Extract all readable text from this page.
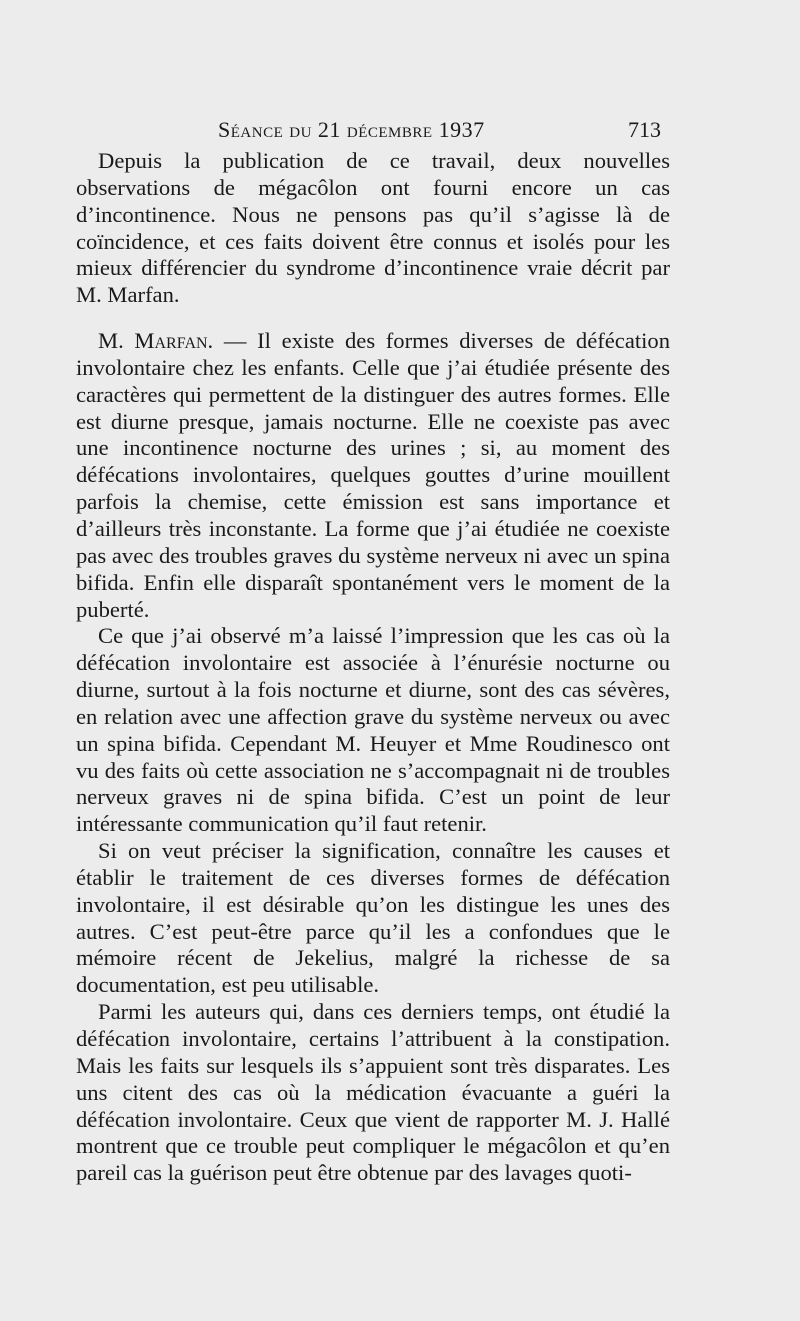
Séance du 21 décembre 1937	713

Depuis la publication de ce travail, deux nouvelles observations de mégacôlon ont fourni encore un cas d’incontinence. Nous ne pensons pas qu’il s’agisse là de coïncidence, et ces faits doivent être connus et isolés pour les mieux différencier du syndrome d’incontinence vraie décrit par M. Marfan.

M. Marfan. — Il existe des formes diverses de défécation involontaire chez les enfants. Celle que j’ai étudiée présente des caractères qui permettent de la distinguer des autres formes. Elle est diurne presque, jamais nocturne. Elle ne coexiste pas avec une incontinence nocturne des urines ; si, au moment des défécations involontaires, quelques gouttes d’urine mouillent parfois la chemise, cette émission est sans importance et d’ailleurs très inconstante. La forme que j’ai étudiée ne coexiste pas avec des troubles graves du système nerveux ni avec un spina bifida. Enfin elle disparaît spontanément vers le moment de la puberté.

Ce que j’ai observé m’a laissé l’impression que les cas où la défécation involontaire est associée à l’énurésie nocturne ou diurne, surtout à la fois nocturne et diurne, sont des cas sévères, en relation avec une affection grave du système nerveux ou avec un spina bifida. Cependant M. Heuyer et Mme Roudinesco ont vu des faits où cette association ne s’accompagnait ni de troubles nerveux graves ni de spina bifida. C’est un point de leur intéressante communication qu’il faut retenir.

Si on veut préciser la signification, connaître les causes et établir le traitement de ces diverses formes de défécation involontaire, il est désirable qu’on les distingue les unes des autres. C’est peut-être parce qu’il les a confondues que le mémoire récent de Jekelius, malgré la richesse de sa documentation, est peu utilisable.

Parmi les auteurs qui, dans ces derniers temps, ont étudié la défécation involontaire, certains l’attribuent à la constipation. Mais les faits sur lesquels ils s’appuient sont très disparates. Les uns citent des cas où la médication évacuante a guéri la défécation involontaire. Ceux que vient de rapporter M. J. Hallé montrent que ce trouble peut compliquer le mégacôlon et qu’en pareil cas la guérison peut être obtenue par des lavages quoti-
